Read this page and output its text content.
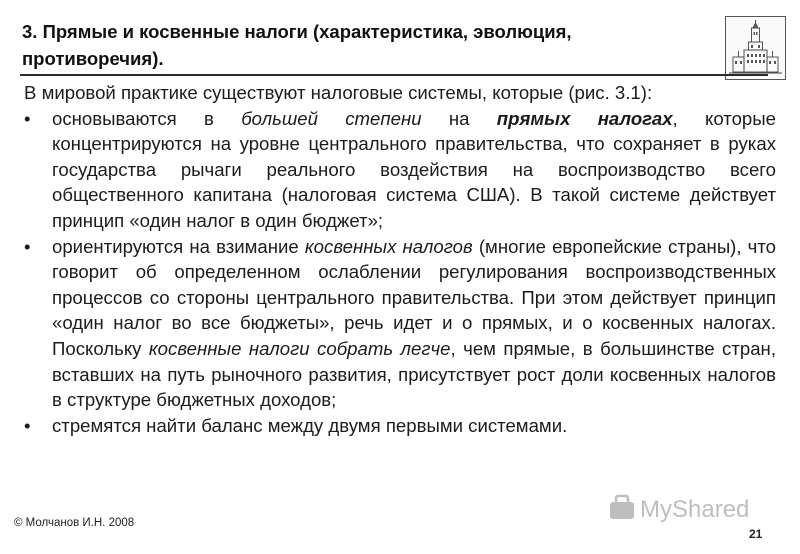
3. Прямые и косвенные налоги (характеристика, эволюция,
противоречия).

В мировой практике существуют налоговые системы, которые (рис. 3.1):

•	основываются в большей степени на прямых налогах, которые концентрируются на уровне центрального правительства, что сохраняет в руках государства рычаги реального воздействия на воспроизводство всего общественного капитана (налоговая система США). В такой системе действует принцип «один налог в один бюджет»;
•	ориентируются на взимание косвенных налогов (многие европейские страны), что говорит об определенном ослаблении регулирования воспроизводственных процессов со стороны центрального правительства. При этом действует принцип «один налог во все бюджеты», речь идет и о прямых, и о косвенных налогах. Поскольку косвенные налоги собрать легче, чем прямые, в большинстве стран, вставших на путь рыночного развития, присутствует рост доли косвенных налогов в структуре бюджетных доходов;
•	стремятся найти баланс между двумя первыми системами.
MyShared
© Молчанов И.Н. 2008
21
